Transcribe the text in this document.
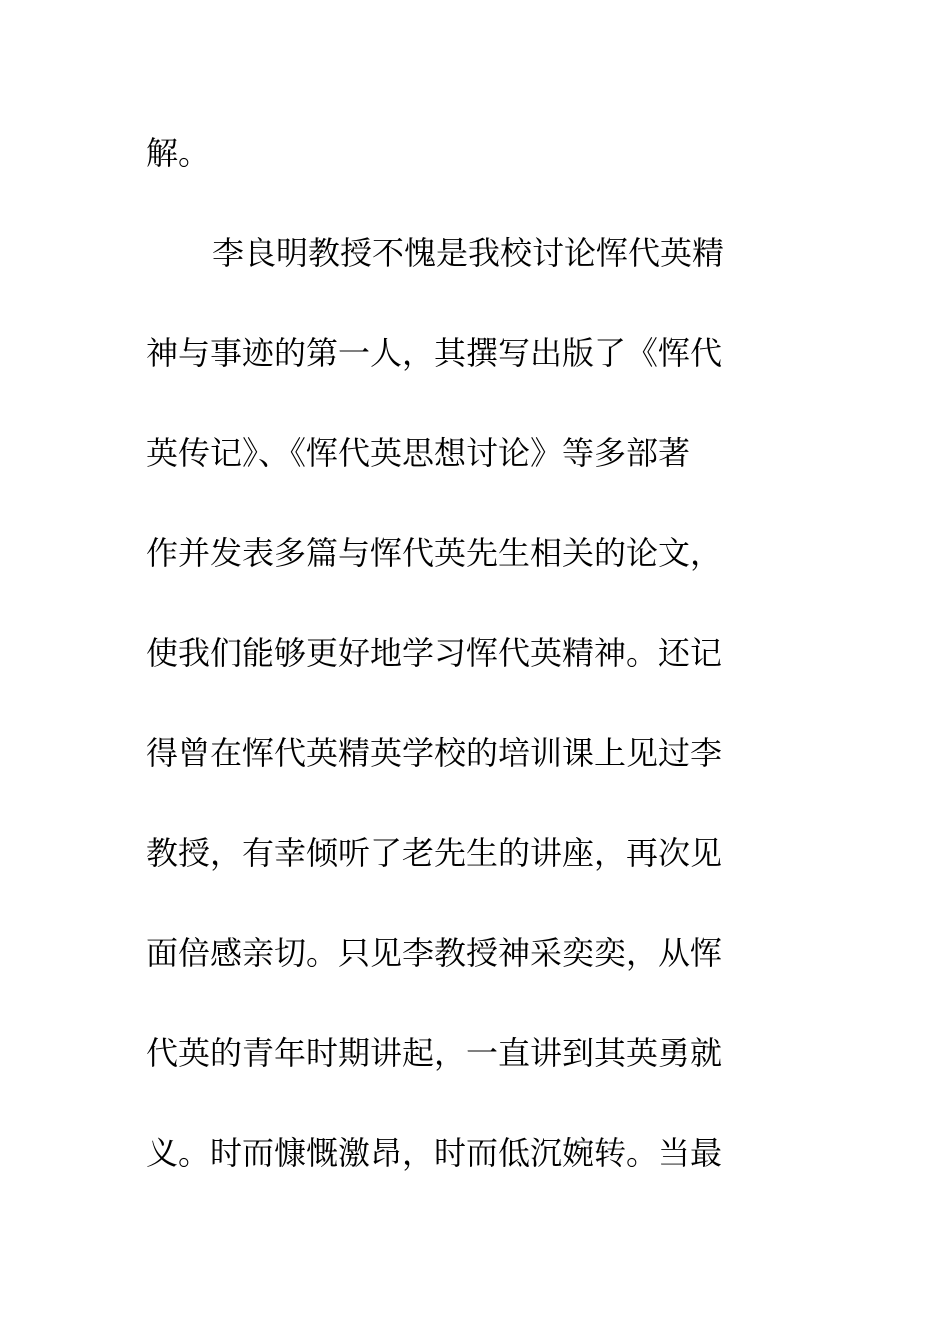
解。
李良明教授不愧是我校讨论恽代英精
神与事迹的第一人，其撰写出版了《恽代
英传记》、《恽代英思想讨论》等多部著
作并发表多篇与恽代英先生相关的论文，
使我们能够更好地学习恽代英精神。还记
得曾在恽代英精英学校的培训课上见过李
教授，有幸倾听了老先生的讲座，再次见
面倍感亲切。只见李教授神采奕奕，从恽
代英的青年时期讲起，一直讲到其英勇就
义。时而慷慨激昂，时而低沉婉转。当最
